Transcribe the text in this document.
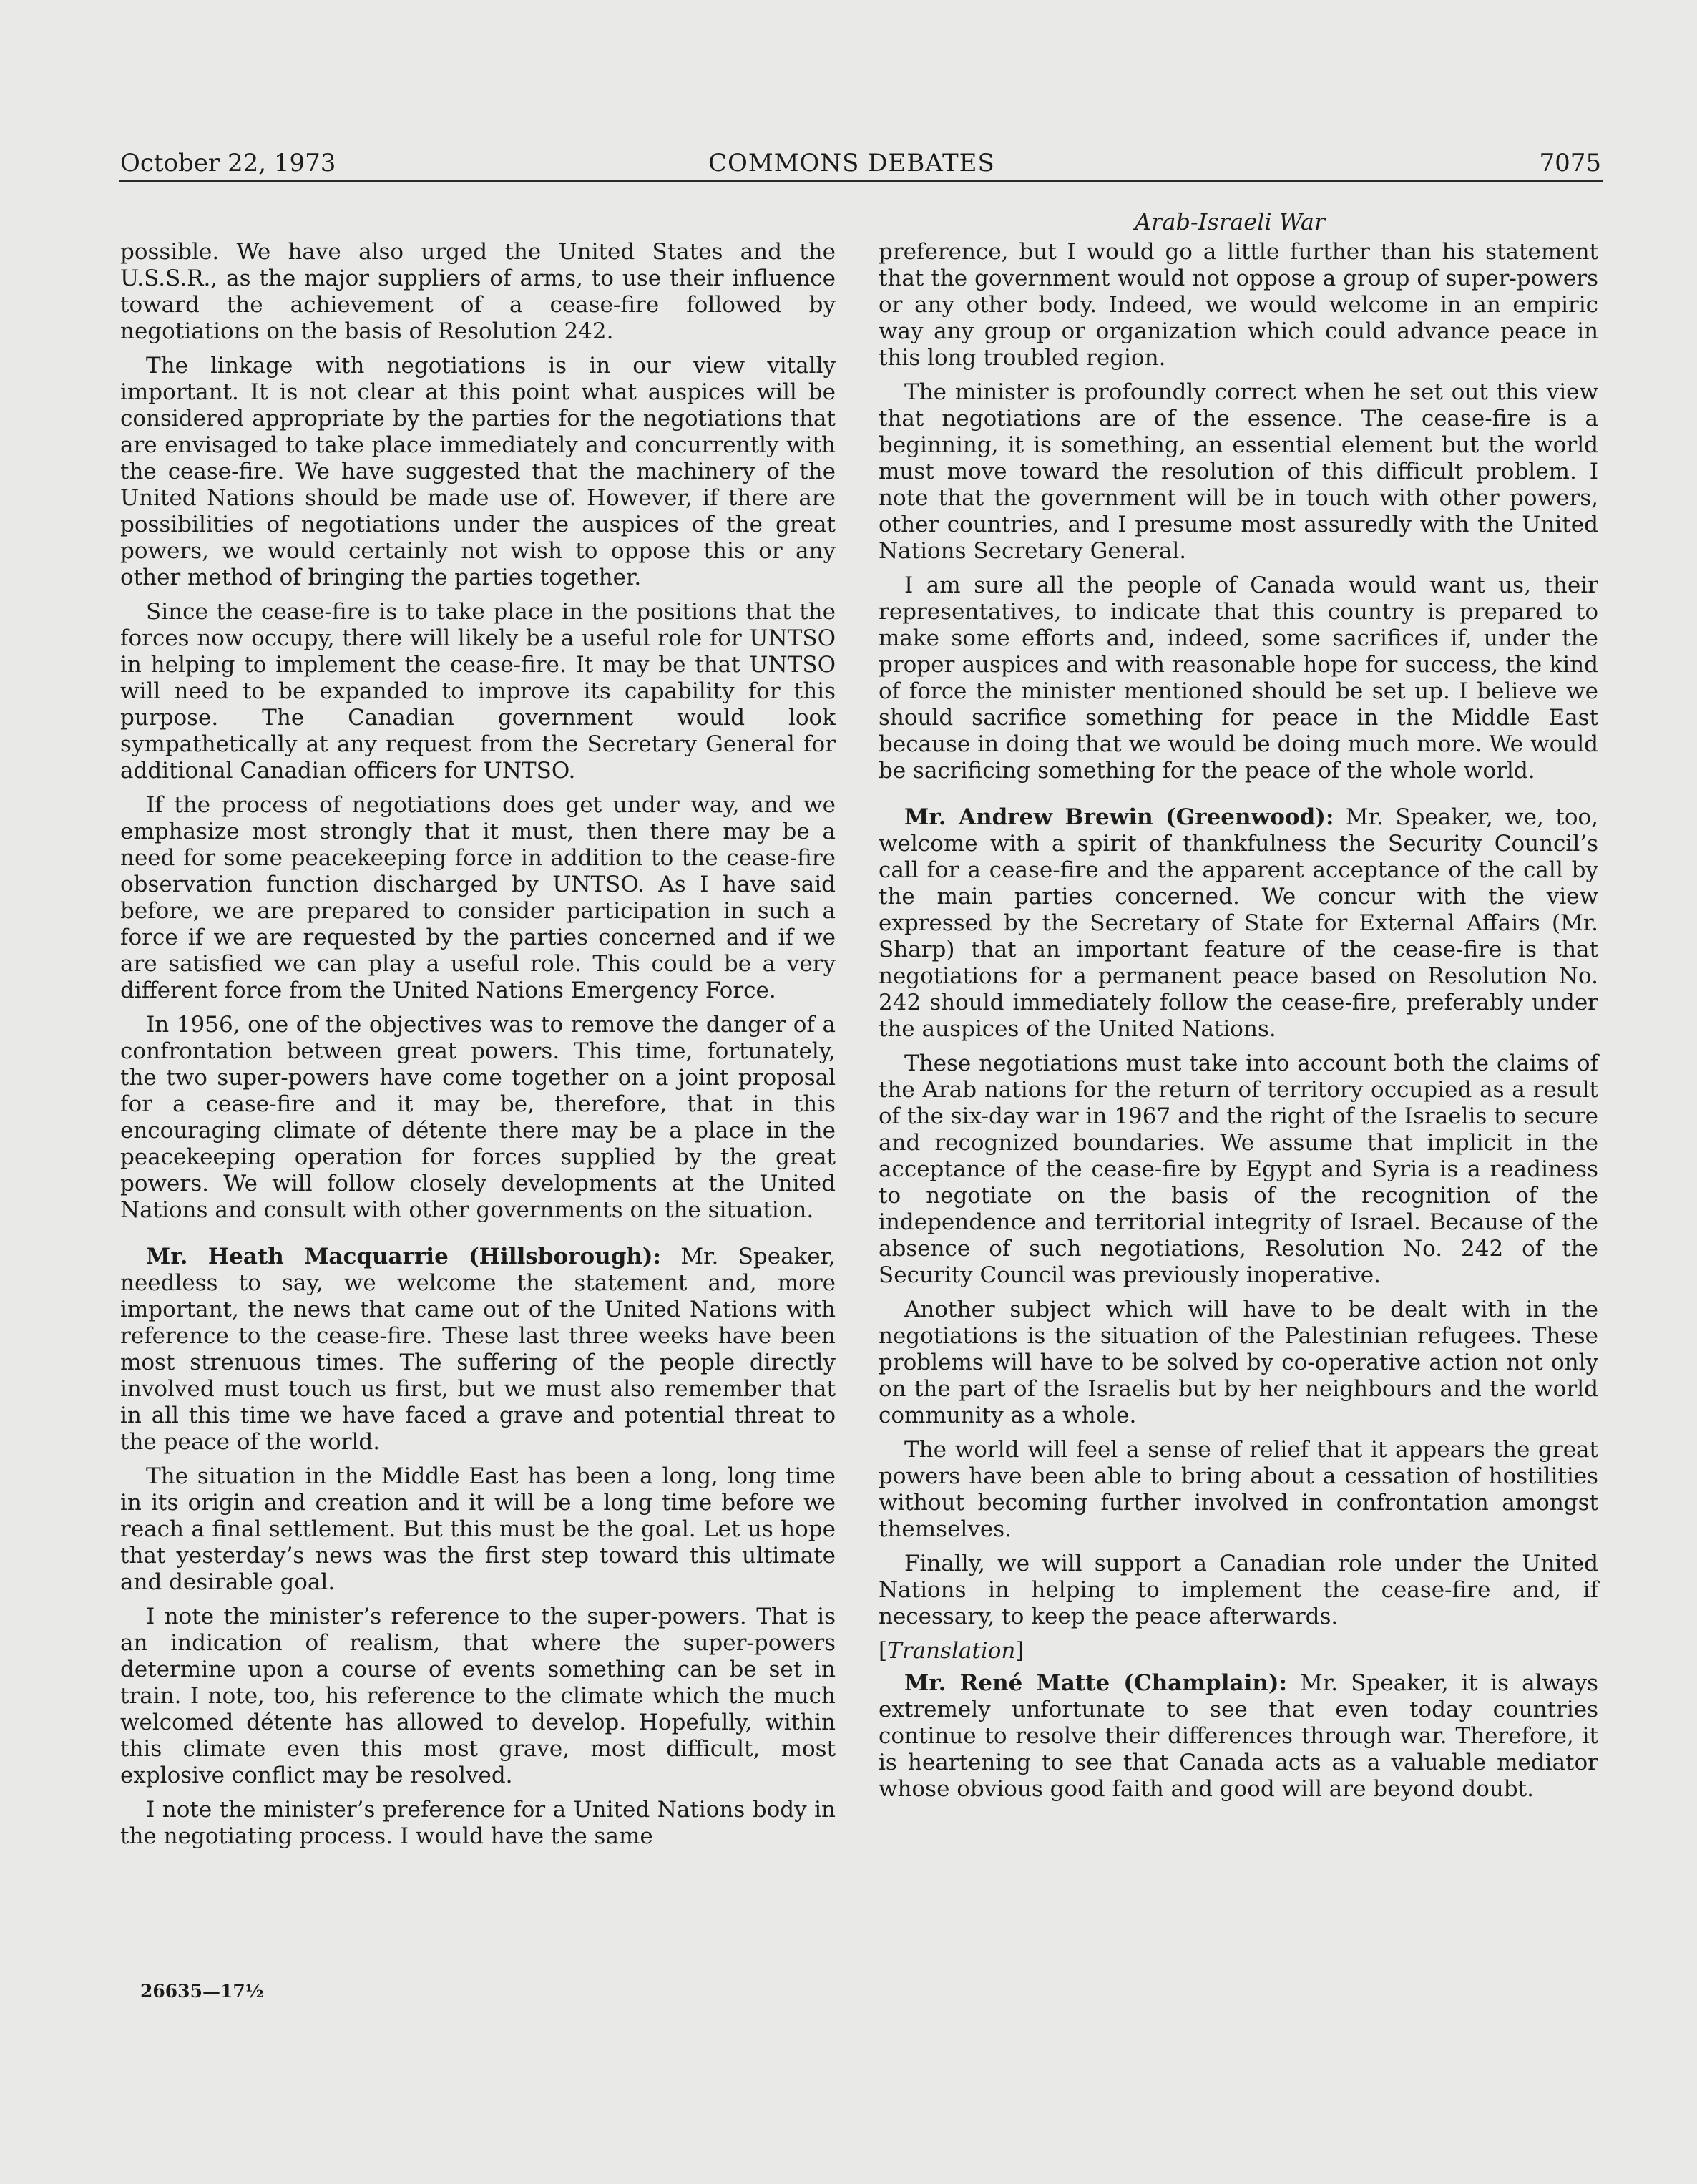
October 22, 1973	COMMONS DEBATES	7075
Arab-Israeli War

possible. We have also urged the United States and the U.S.S.R., as the major suppliers of arms, to use their influence toward the achievement of a cease-fire followed by negotiations on the basis of Resolution 242.

The linkage with negotiations is in our view vitally important. It is not clear at this point what auspices will be considered appropriate by the parties for the negotiations that are envisaged to take place immediately and concurrently with the cease-fire. We have suggested that the machinery of the United Nations should be made use of. However, if there are possibilities of negotiations under the auspices of the great powers, we would certainly not wish to oppose this or any other method of bringing the parties together.

Since the cease-fire is to take place in the positions that the forces now occupy, there will likely be a useful role for UNTSO in helping to implement the cease-fire. It may be that UNTSO will need to be expanded to improve its capability for this purpose. The Canadian government would look sympathetically at any request from the Secretary General for additional Canadian officers for UNTSO.

If the process of negotiations does get under way, and we emphasize most strongly that it must, then there may be a need for some peacekeeping force in addition to the cease-fire observation function discharged by UNTSO. As I have said before, we are prepared to consider participation in such a force if we are requested by the parties concerned and if we are satisfied we can play a useful role. This could be a very different force from the United Nations Emergency Force.

In 1956, one of the objectives was to remove the danger of a confrontation between great powers. This time, fortunately, the two super-powers have come together on a joint proposal for a cease-fire and it may be, therefore, that in this encouraging climate of détente there may be a place in the peacekeeping operation for forces supplied by the great powers. We will follow closely developments at the United Nations and consult with other governments on the situation.

Mr. Heath Macquarrie (Hillsborough): Mr. Speaker, needless to say, we welcome the statement and, more important, the news that came out of the United Nations with reference to the cease-fire. These last three weeks have been most strenuous times. The suffering of the people directly involved must touch us first, but we must also remember that in all this time we have faced a grave and potential threat to the peace of the world.

The situation in the Middle East has been a long, long time in its origin and creation and it will be a long time before we reach a final settlement. But this must be the goal. Let us hope that yesterday’s news was the first step toward this ultimate and desirable goal.

I note the minister’s reference to the super-powers. That is an indication of realism, that where the super-powers determine upon a course of events something can be set in train. I note, too, his reference to the climate which the much welcomed détente has allowed to develop. Hopefully, within this climate even this most grave, most difficult, most explosive conflict may be resolved.

I note the minister’s preference for a United Nations body in the negotiating process. I would have the same

preference, but I would go a little further than his statement that the government would not oppose a group of super-powers or any other body. Indeed, we would welcome in an empiric way any group or organization which could advance peace in this long troubled region.

The minister is profoundly correct when he set out this view that negotiations are of the essence. The cease-fire is a beginning, it is something, an essential element but the world must move toward the resolution of this difficult problem. I note that the government will be in touch with other powers, other countries, and I presume most assuredly with the United Nations Secretary General.

I am sure all the people of Canada would want us, their representatives, to indicate that this country is prepared to make some efforts and, indeed, some sacrifices if, under the proper auspices and with reasonable hope for success, the kind of force the minister mentioned should be set up. I believe we should sacrifice something for peace in the Middle East because in doing that we would be doing much more. We would be sacrificing something for the peace of the whole world.

Mr. Andrew Brewin (Greenwood): Mr. Speaker, we, too, welcome with a spirit of thankfulness the Security Council’s call for a cease-fire and the apparent acceptance of the call by the main parties concerned. We concur with the view expressed by the Secretary of State for External Affairs (Mr. Sharp) that an important feature of the cease-fire is that negotiations for a permanent peace based on Resolution No. 242 should immediately follow the cease-fire, preferably under the auspices of the United Nations.

These negotiations must take into account both the claims of the Arab nations for the return of territory occupied as a result of the six-day war in 1967 and the right of the Israelis to secure and recognized boundaries. We assume that implicit in the acceptance of the cease-fire by Egypt and Syria is a readiness to negotiate on the basis of the recognition of the independence and territorial integrity of Israel. Because of the absence of such negotiations, Resolution No. 242 of the Security Council was previously inoperative.

Another subject which will have to be dealt with in the negotiations is the situation of the Palestinian refugees. These problems will have to be solved by co-operative action not only on the part of the Israelis but by her neighbours and the world community as a whole.

The world will feel a sense of relief that it appears the great powers have been able to bring about a cessation of hostilities without becoming further involved in confrontation amongst themselves.

Finally, we will support a Canadian role under the United Nations in helping to implement the cease-fire and, if necessary, to keep the peace afterwards.

[Translation]

Mr. René Matte (Champlain): Mr. Speaker, it is always extremely unfortunate to see that even today countries continue to resolve their differences through war. Therefore, it is heartening to see that Canada acts as a valuable mediator whose obvious good faith and good will are beyond doubt.

26635—17½
